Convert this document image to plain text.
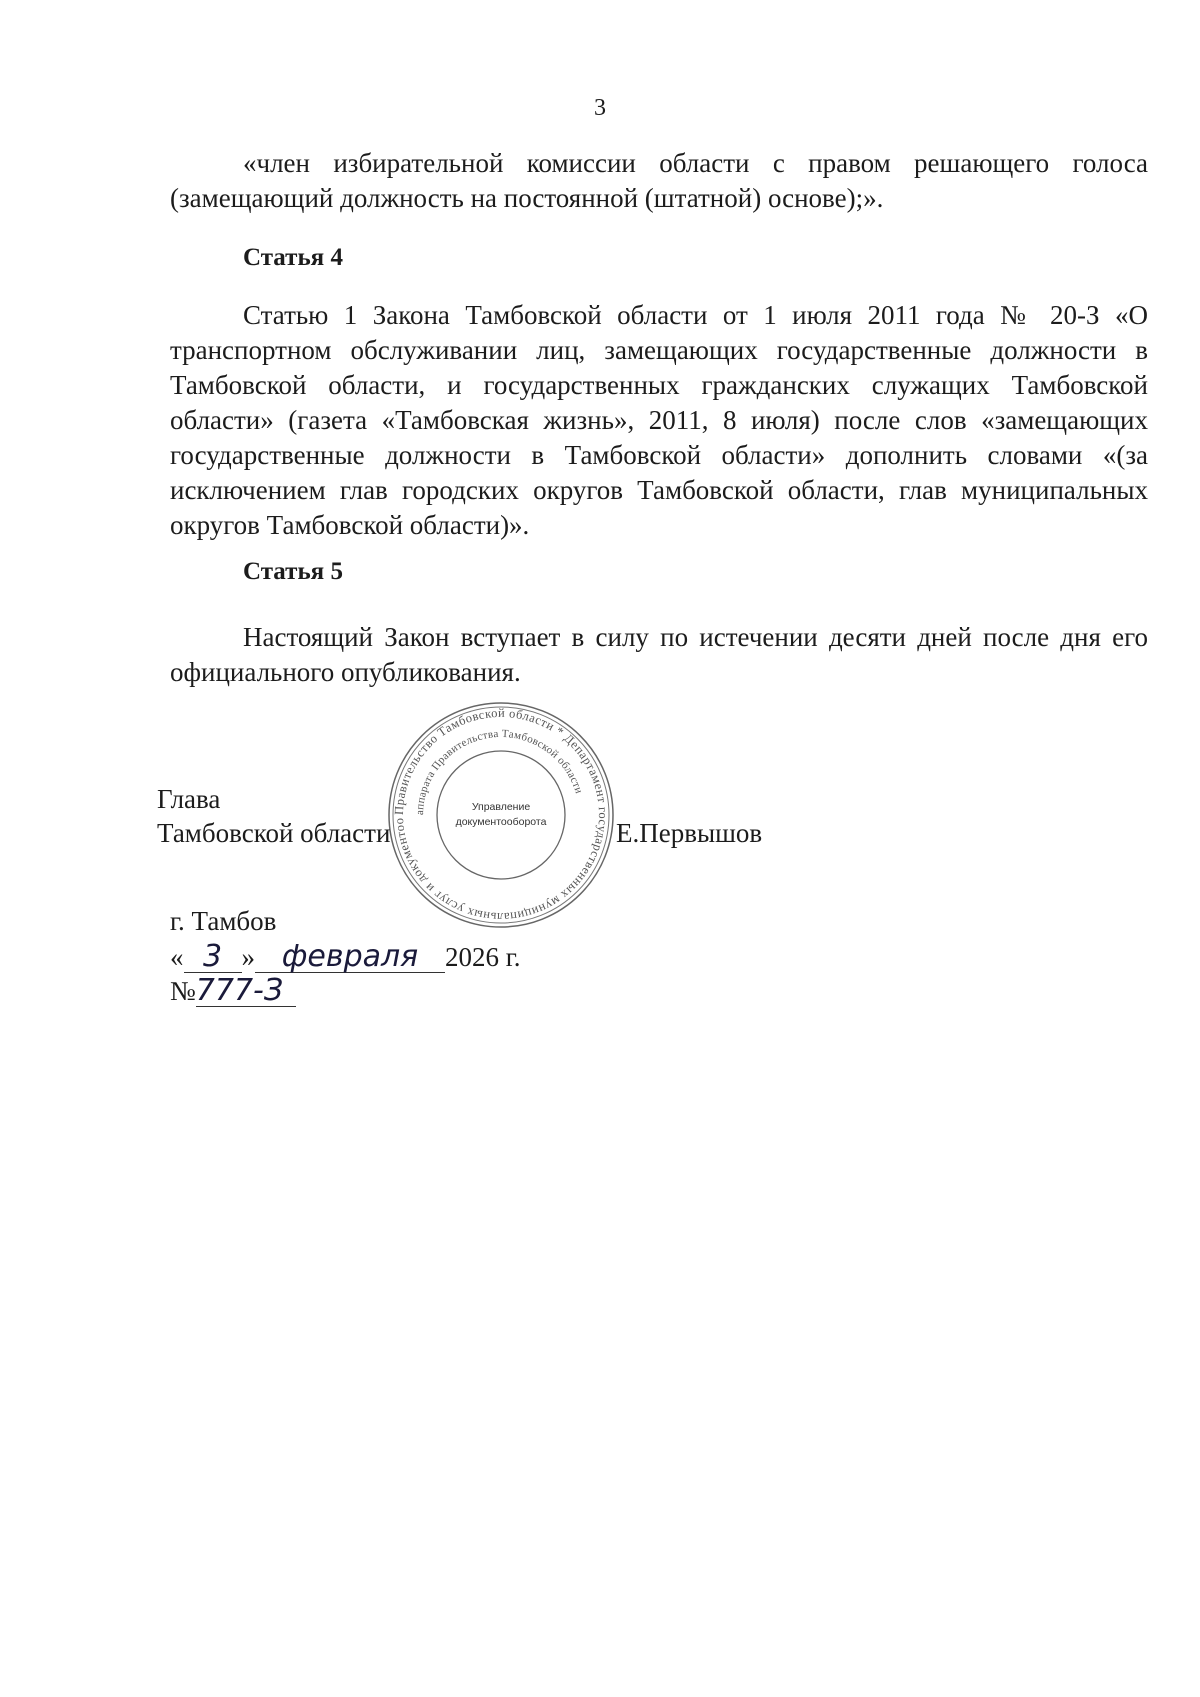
3

«член избирательной комиссии области с правом решающего голоса (замещающий должность на постоянной (штатной) основе);».

Статья 4

Статью 1 Закона Тамбовской области от 1 июля 2011 года № 20-З «О транспортном обслуживании лиц, замещающих государственные должности в Тамбовской области, и государственных гражданских служащих Тамбовской области» (газета «Тамбовская жизнь», 2011, 8 июля) после слов «замещающих государственные должности в Тамбовской области» дополнить словами «(за исключением глав городских округов Тамбовской области, глав муниципальных округов Тамбовской области)».

Статья 5

Настоящий Закон вступает в силу по истечении десяти дней после дня его официального опубликования.

Правительство Тамбовской области * Департамент государственных муниципальных услуг и документоо
аппарата Правительства Тамбовской области
Управление
документооборота
Глава
Тамбовской области	Е.Первышов
г. Тамбов
« 3 » февраля 2026 г.
№777-З
